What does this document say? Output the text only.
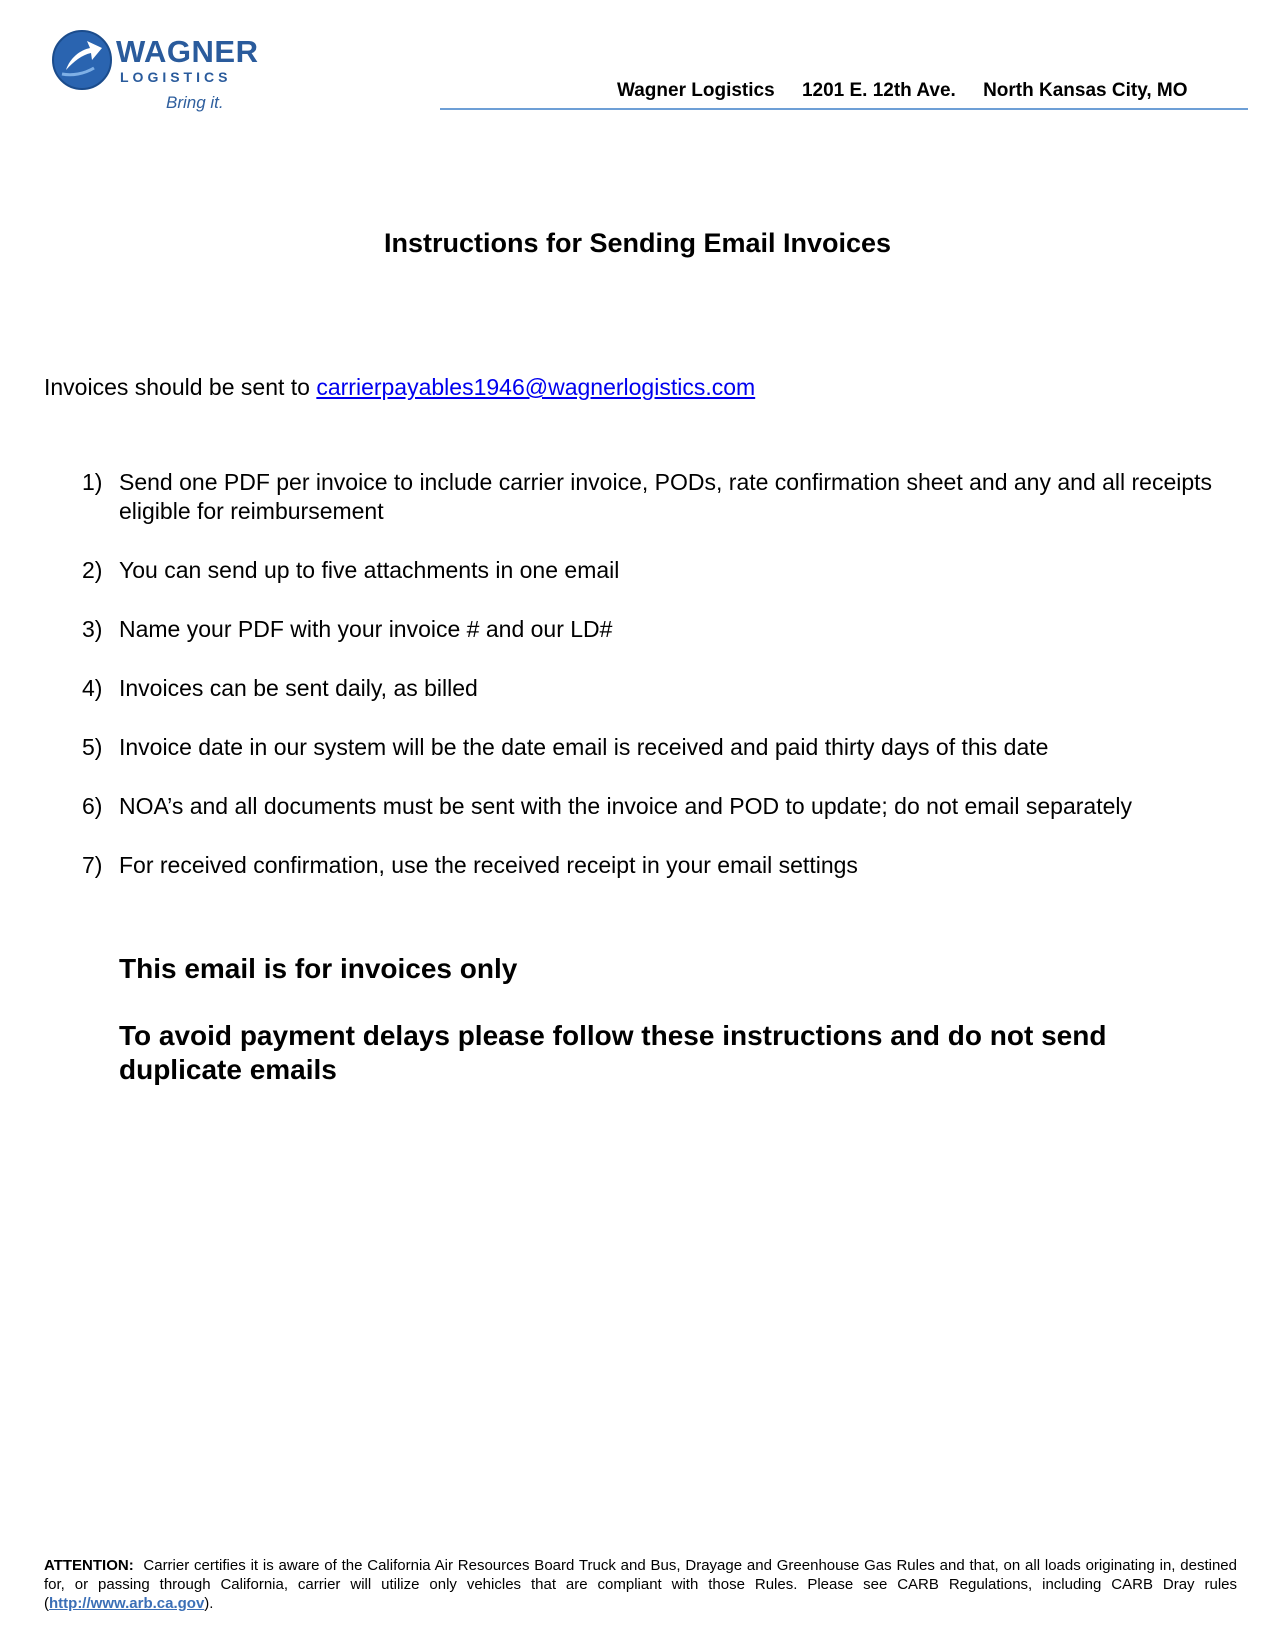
WAGNER
LOGISTICS
Bring it.
Wagner Logistics 1201 E. 12th Ave. North Kansas City, MO
Instructions for Sending Email Invoices
Invoices should be sent to carrierpayables1946@wagnerlogistics.com
1) Send one PDF per invoice to include carrier invoice, PODs, rate confirmation sheet and any and all receipts eligible for reimbursement
2) You can send up to five attachments in one email
3) Name your PDF with your invoice # and our LD#
4) Invoices can be sent daily, as billed
5) Invoice date in our system will be the date email is received and paid thirty days of this date
6) NOA’s and all documents must be sent with the invoice and POD to update; do not email separately
7) For received confirmation, use the received receipt in your email settings
This email is for invoices only
To avoid payment delays please follow these instructions and do not send duplicate emails
ATTENTION: Carrier certifies it is aware of the California Air Resources Board Truck and Bus, Drayage and Greenhouse Gas Rules and that, on all loads originating in, destined for, or passing through California, carrier will utilize only vehicles that are compliant with those Rules. Please see CARB Regulations, including CARB Dray rules (http://www.arb.ca.gov).
